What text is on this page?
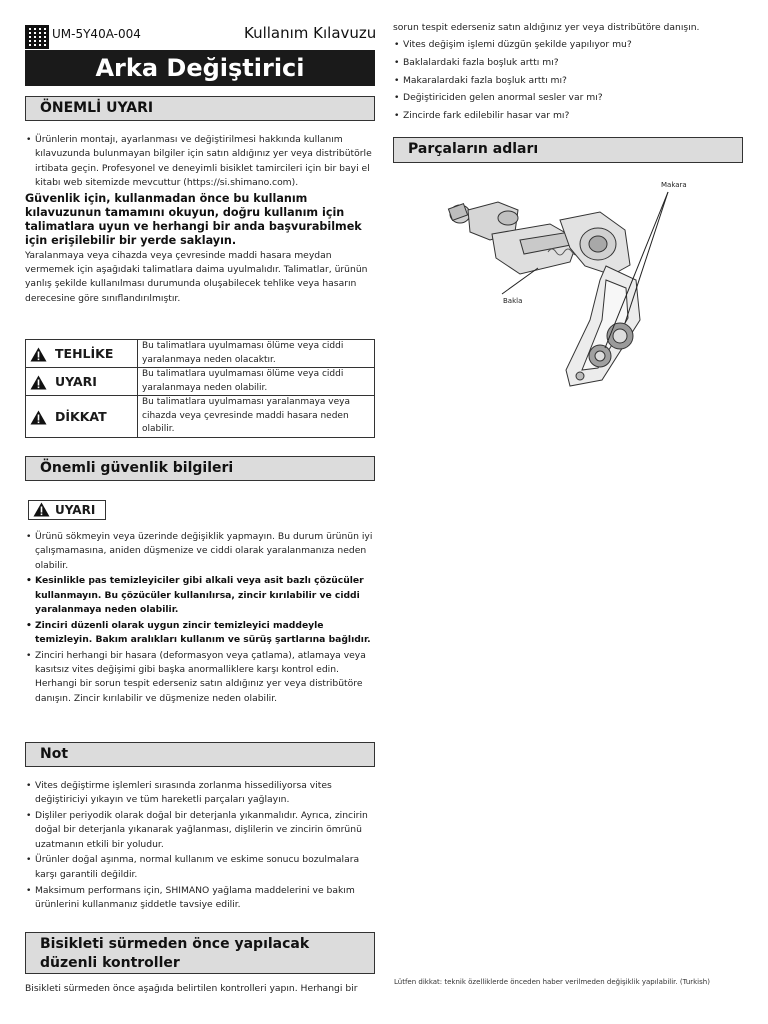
UM-5Y40A-004	Kullanım Kılavuzu
Arka Değiştirici
ÖNEMLİ UYARI
• Ürünlerin montajı, ayarlanması ve değiştirilmesi hakkında kullanım kılavuzunda bulunmayan bilgiler için satın aldığınız yer veya distribütörle irtibata geçin. Profesyonel ve deneyimli bisiklet tamircileri için bir bayi el kitabı web sitemizde mevcuttur (https://si.shimano.com).
Güvenlik için, kullanmadan önce bu kullanım kılavuzunun tamamını okuyun, doğru kullanım için talimatlara uyun ve herhangi bir anda başvurabilmek için erişilebilir bir yerde saklayın.
Yaralanmaya veya cihazda veya çevresinde maddi hasara meydan vermemek için aşağıdaki talimatlara daima uyulmalıdır. Talimatlar, ürünün yanlış şekilde kullanılması durumunda oluşabilecek tehlike veya hasarın derecesine göre sınıflandırılmıştır.
TEHLİKE	Bu talimatlara uyulmaması ölüme veya ciddi yaralanmaya neden olacaktır.
UYARI	Bu talimatlara uyulmaması ölüme veya ciddi yaralanmaya neden olabilir.
DİKKAT	Bu talimatlara uyulmaması yaralanmaya veya cihazda veya çevresinde maddi hasara neden olabilir.
Önemli güvenlik bilgileri
UYARI
• Ürünü sökmeyin veya üzerinde değişiklik yapmayın. Bu durum ürünün iyi çalışmamasına, aniden düşmenize ve ciddi olarak yaralanmanıza neden olabilir.
• Kesinlikle pas temizleyiciler gibi alkali veya asit bazlı çözücüler kullanmayın. Bu çözücüler kullanılırsa, zincir kırılabilir ve ciddi yaralanmaya neden olabilir.
• Zinciri düzenli olarak uygun zincir temizleyici maddeyle temizleyin. Bakım aralıkları kullanım ve sürüş şartlarına bağlıdır.
• Zinciri herhangi bir hasara (deformasyon veya çatlama), atlamaya veya kasıtsız vites değişimi gibi başka anormalliklere karşı kontrol edin. Herhangi bir sorun tespit ederseniz satın aldığınız yer veya distribütöre danışın. Zincir kırılabilir ve düşmenize neden olabilir.
Not
• Vites değiştirme işlemleri sırasında zorlanma hissediliyorsa vites değiştiriciyi yıkayın ve tüm hareketli parçaları yağlayın.
• Dişliler periyodik olarak doğal bir deterjanla yıkanmalıdır. Ayrıca, zincirin doğal bir deterjanla yıkanarak yağlanması, dişlilerin ve zincirin ömrünü uzatmanın etkili bir yoludur.
• Ürünler doğal aşınma, normal kullanım ve eskime sonucu bozulmalara karşı garantili değildir.
• Maksimum performans için, SHIMANO yağlama maddelerini ve bakım ürünlerini kullanmanız şiddetle tavsiye edilir.
Bisikleti sürmeden önce yapılacak düzenli kontroller
Bisikleti sürmeden önce aşağıda belirtilen kontrolleri yapın. Herhangi bir
sorun tespit ederseniz satın aldığınız yer veya distribütöre danışın.
• Vites değişim işlemi düzgün şekilde yapılıyor mu?
• Baklalardaki fazla boşluk arttı mı?
• Makaralardaki fazla boşluk arttı mı?
• Değiştiriciden gelen anormal sesler var mı?
• Zincirde fark edilebilir hasar var mı?
Parçaların adları
Makara
Bakla
Lütfen dikkat: teknik özelliklerde önceden haber verilmeden değişiklik yapılabilir. (Turkish)
